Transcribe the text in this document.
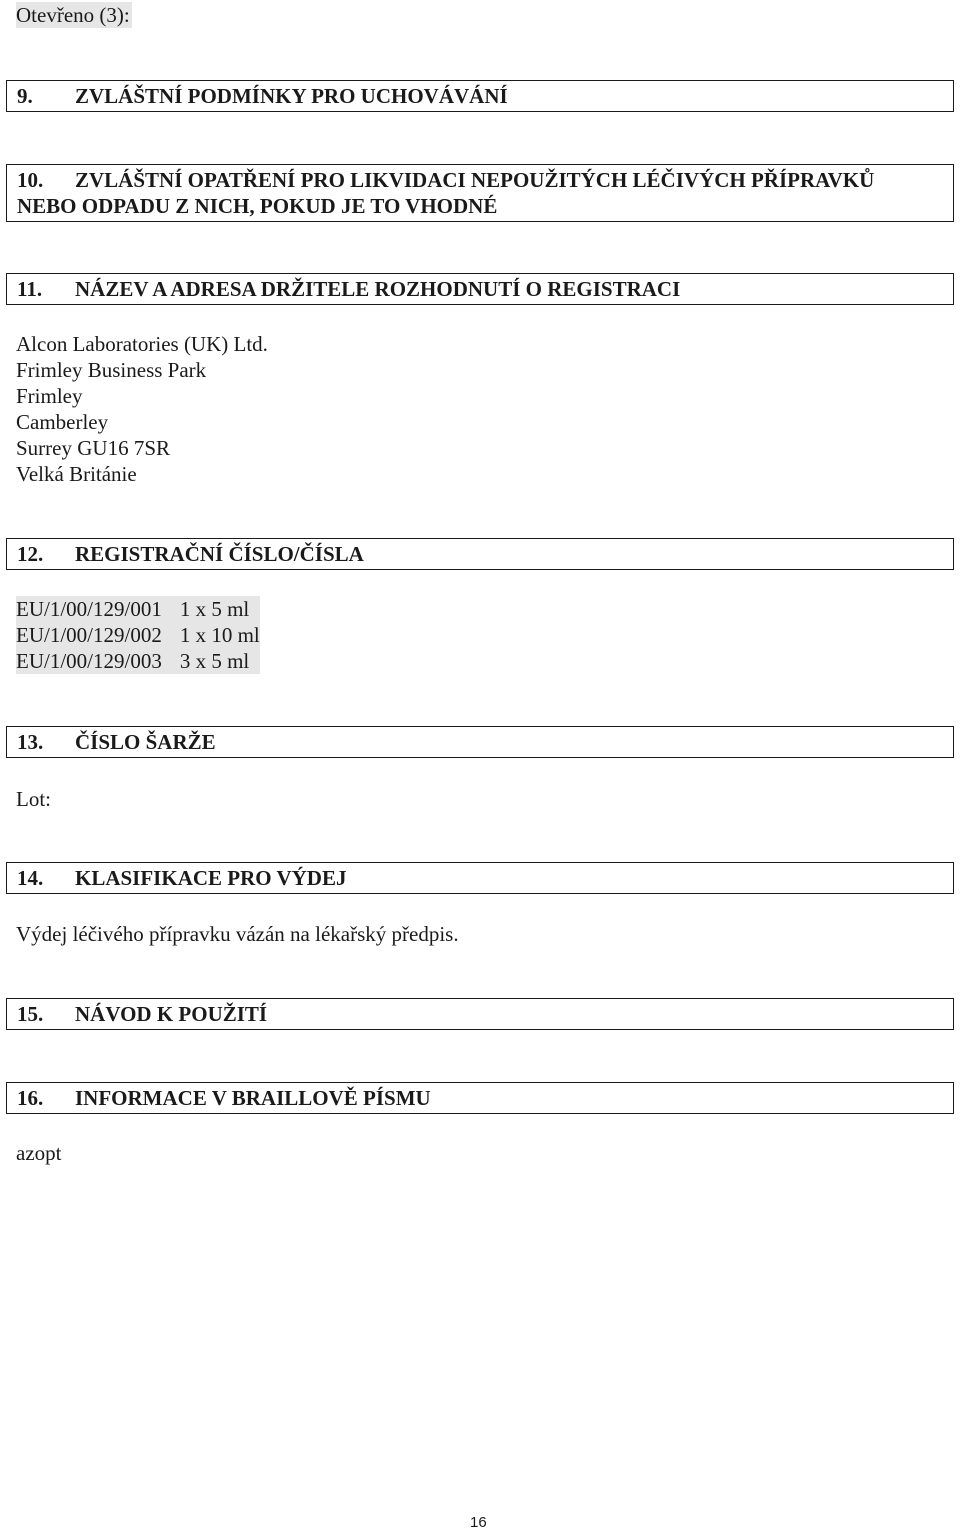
Otevřeno (3):
9. ZVLÁŠTNÍ PODMÍNKY PRO UCHOVÁVÁNÍ
10. ZVLÁŠTNÍ OPATŘENÍ PRO LIKVIDACI NEPOUŽITÝCH LÉČIVÝCH PŘÍPRAVKŮ
NEBO ODPADU Z NICH, POKUD JE TO VHODNÉ
11. NÁZEV A ADRESA DRŽITELE ROZHODNUTÍ O REGISTRACI
Alcon Laboratories (UK) Ltd.
Frimley Business Park
Frimley
Camberley
Surrey GU16 7SR
Velká Británie
12. REGISTRAČNÍ ČÍSLO/ČÍSLA
EU/1/00/129/001	1 x 5 ml
EU/1/00/129/002	1 x 10 ml
EU/1/00/129/003	3 x 5 ml
13. ČÍSLO ŠARŽE
Lot:
14. KLASIFIKACE PRO VÝDEJ
Výdej léčivého přípravku vázán na lékařský předpis.
15. NÁVOD K POUŽITÍ
16. INFORMACE V BRAILLOVĚ PÍSMU
azopt
16
